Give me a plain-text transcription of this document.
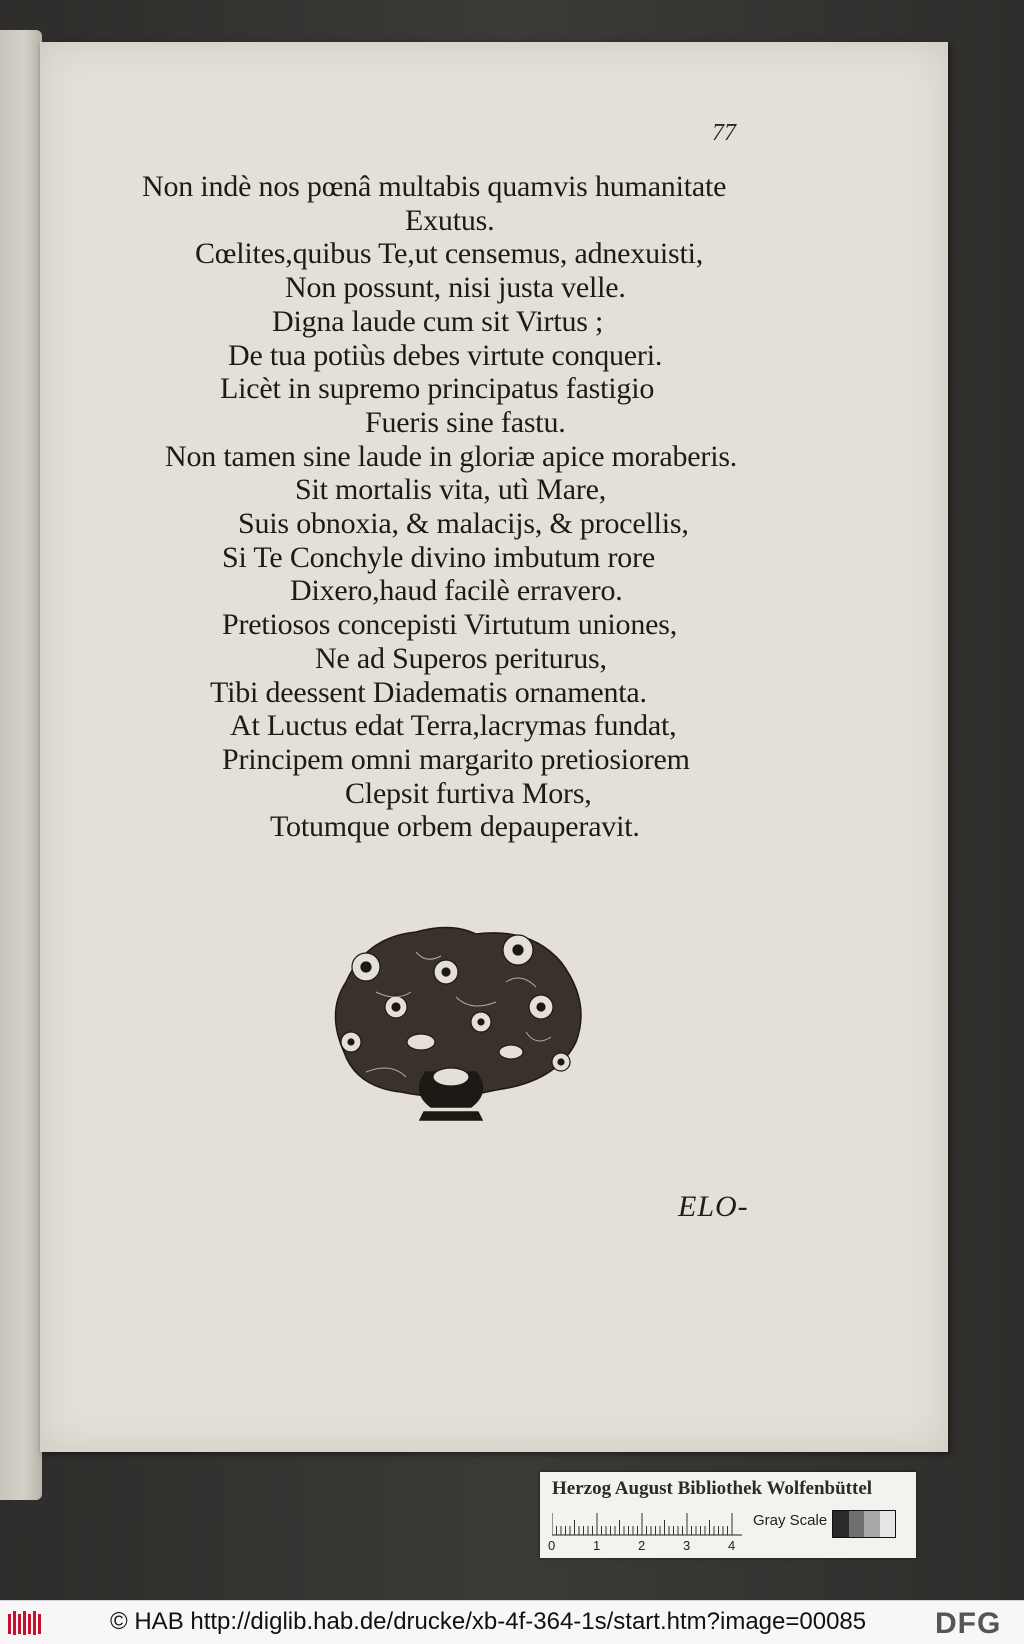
77
Non indè nos pœnâ multabis quamvis humanitate
Exutus.
Cœlites,quibus Te,ut censemus, adnexuisti,
Non possunt, nisi justa velle.
Digna laude cum sit Virtus ;
De tua potiùs debes virtute conqueri.
Licèt in supremo principatus fastigio
Fueris sine fastu.
Non tamen sine laude in gloriæ apice moraberis.
Sit mortalis vita, utì Mare,
Suis obnoxia, & malacijs, & procellis,
Si Te Conchyle divino imbutum rore
Dixero,haud facilè erravero.
Pretiosos concepisti Virtutum uniones,
Ne ad Superos periturus,
Tibi deessent Diadematis ornamenta.
At Luctus edat Terra,lacrymas fundat,
Principem omni margarito pretiosiorem
Clepsit furtiva Mors,
Totumque orbem depauperavit.
ELO-
Herzog August Bibliothek Wolfenbüttel
0	1	2	3	4
Gray Scale
© HAB http://diglib.hab.de/drucke/xb-4f-364-1s/start.htm?image=00085 DFG
